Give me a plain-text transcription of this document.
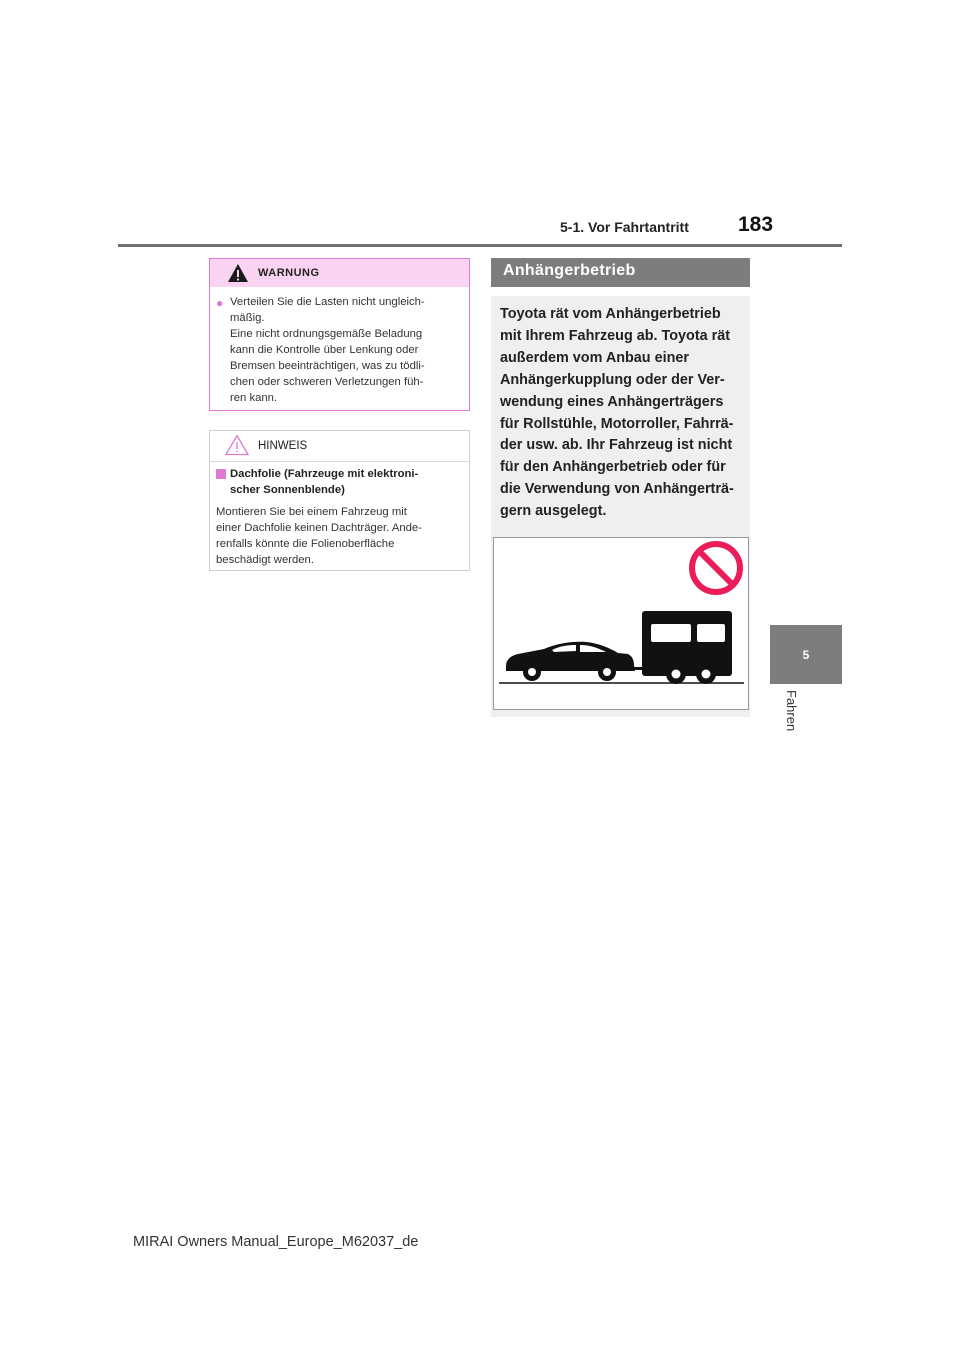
5-1. Vor Fahrtantritt 183
5
Fahren
WARNUNG
● Verteilen Sie die Lasten nicht ungleich-
mäßig.
Eine nicht ordnungsgemäße Beladung
kann die Kontrolle über Lenkung oder
Bremsen beeinträchtigen, was zu tödli-
chen oder schweren Verletzungen füh-
ren kann.
HINWEIS
Dachfolie (Fahrzeuge mit elektroni-
scher Sonnenblende)
Montieren Sie bei einem Fahrzeug mit
einer Dachfolie keinen Dachträger. Ande-
renfalls könnte die Folienoberfläche
beschädigt werden.
Anhängerbetrieb
Toyota rät vom Anhängerbetrieb
mit Ihrem Fahrzeug ab. Toyota rät
außerdem vom Anbau einer
Anhängerkupplung oder der Ver-
wendung eines Anhängerträgers
für Rollstühle, Motorroller, Fahrrä-
der usw. ab. Ihr Fahrzeug ist nicht
für den Anhängerbetrieb oder für
die Verwendung von Anhängerträ-
gern ausgelegt.
MIRAI Owners Manual_Europe_M62037_de
